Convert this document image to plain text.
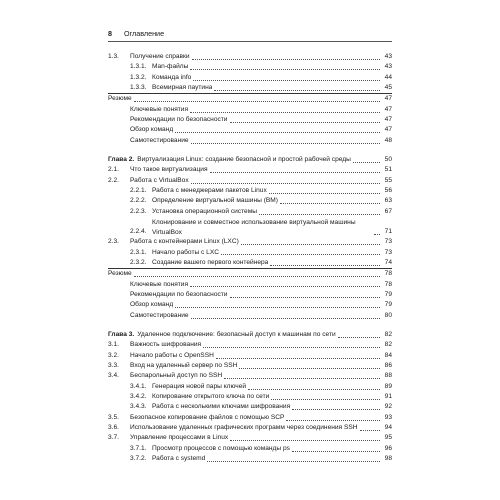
8 Оглавление
1.3.	Получение справки	43
1.3.1. Man-файлы	43
1.3.2. Команда info	44
1.3.3. Всемирная паутина	45
Резюме	47
Ключевые понятия	47
Рекомендации по безопасности	47
Обзор команд	47
Самотестирование	48
Глава 2. Виртуализация Linux: создание безопасной и простой рабочей среды	50
2.1.	Что такое виртуализация	51
2.2.	Работа с VirtualBox	55
2.2.1. Работа с менеджерами пакетов Linux	56
2.2.2. Определение виртуальной машины (ВМ)	63
2.2.3. Установка операционной системы	67
2.2.4.
Клонирование и совместное использование виртуальной машины VirtualBox	71
2.3.	Работа с контейнерами Linux (LXC)	73
2.3.1. Начало работы с LXC	73
2.3.2. Создание вашего первого контейнера	74
Резюме	78
Ключевые понятия	78
Рекомендации по безопасности	79
Обзор команд	79
Самотестирование	80
Глава 3. Удаленное подключение: безопасный доступ к машинам по сети	82
3.1.	Важность шифрования	82
3.2.	Начало работы с OpenSSH	84
3.3.	Вход на удаленный сервер по SSH	86
3.4.	Беспарольный доступ по SSH	88
3.4.1. Генерация новой пары ключей	89
3.4.2. Копирование открытого ключа по сети	91
3.4.3. Работа с несколькими ключами шифрования	92
3.5.	Безопасное копирование файлов с помощью SCP	93
3.6.	Использование удаленных графических программ через соединения SSH	94
3.7.	Управление процессами в Linux	95
3.7.1. Просмотр процессов с помощью команды ps	96
3.7.2. Работа с systemd	98
